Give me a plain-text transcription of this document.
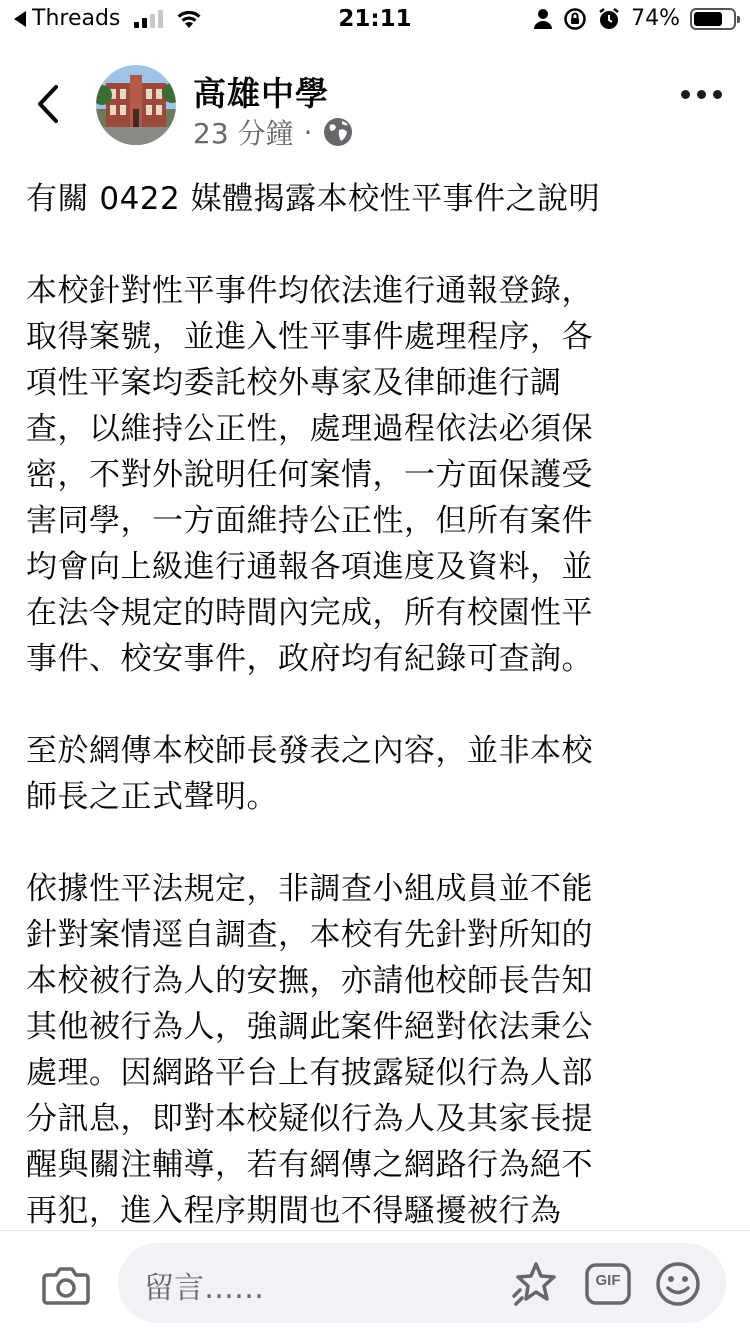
Threads	21:11	74%
高雄中學
23 分鐘 ·

有關 0422 媒體揭露本校性平事件之說明

本校針對性平事件均依法進行通報登錄，
取得案號，並進入性平事件處理程序，各
項性平案均委託校外專家及律師進行調
查，以維持公正性，處理過程依法必須保
密，不對外說明任何案情，一方面保護受
害同學，一方面維持公正性，但所有案件
均會向上級進行通報各項進度及資料，並
在法令規定的時間內完成，所有校園性平
事件、校安事件，政府均有紀錄可查詢。

至於網傳本校師長發表之內容，並非本校
師長之正式聲明。

依據性平法規定，非調查小組成員並不能
針對案情逕自調查，本校有先針對所知的
本校被行為人的安撫，亦請他校師長告知
其他被行為人，強調此案件絕對依法秉公
處理。因網路平台上有披露疑似行為人部
分訊息，即對本校疑似行為人及其家長提
醒與關注輔導，若有網傳之網路行為絕不
再犯，進入程序期間也不得騷擾被行為

留言……	GIF
